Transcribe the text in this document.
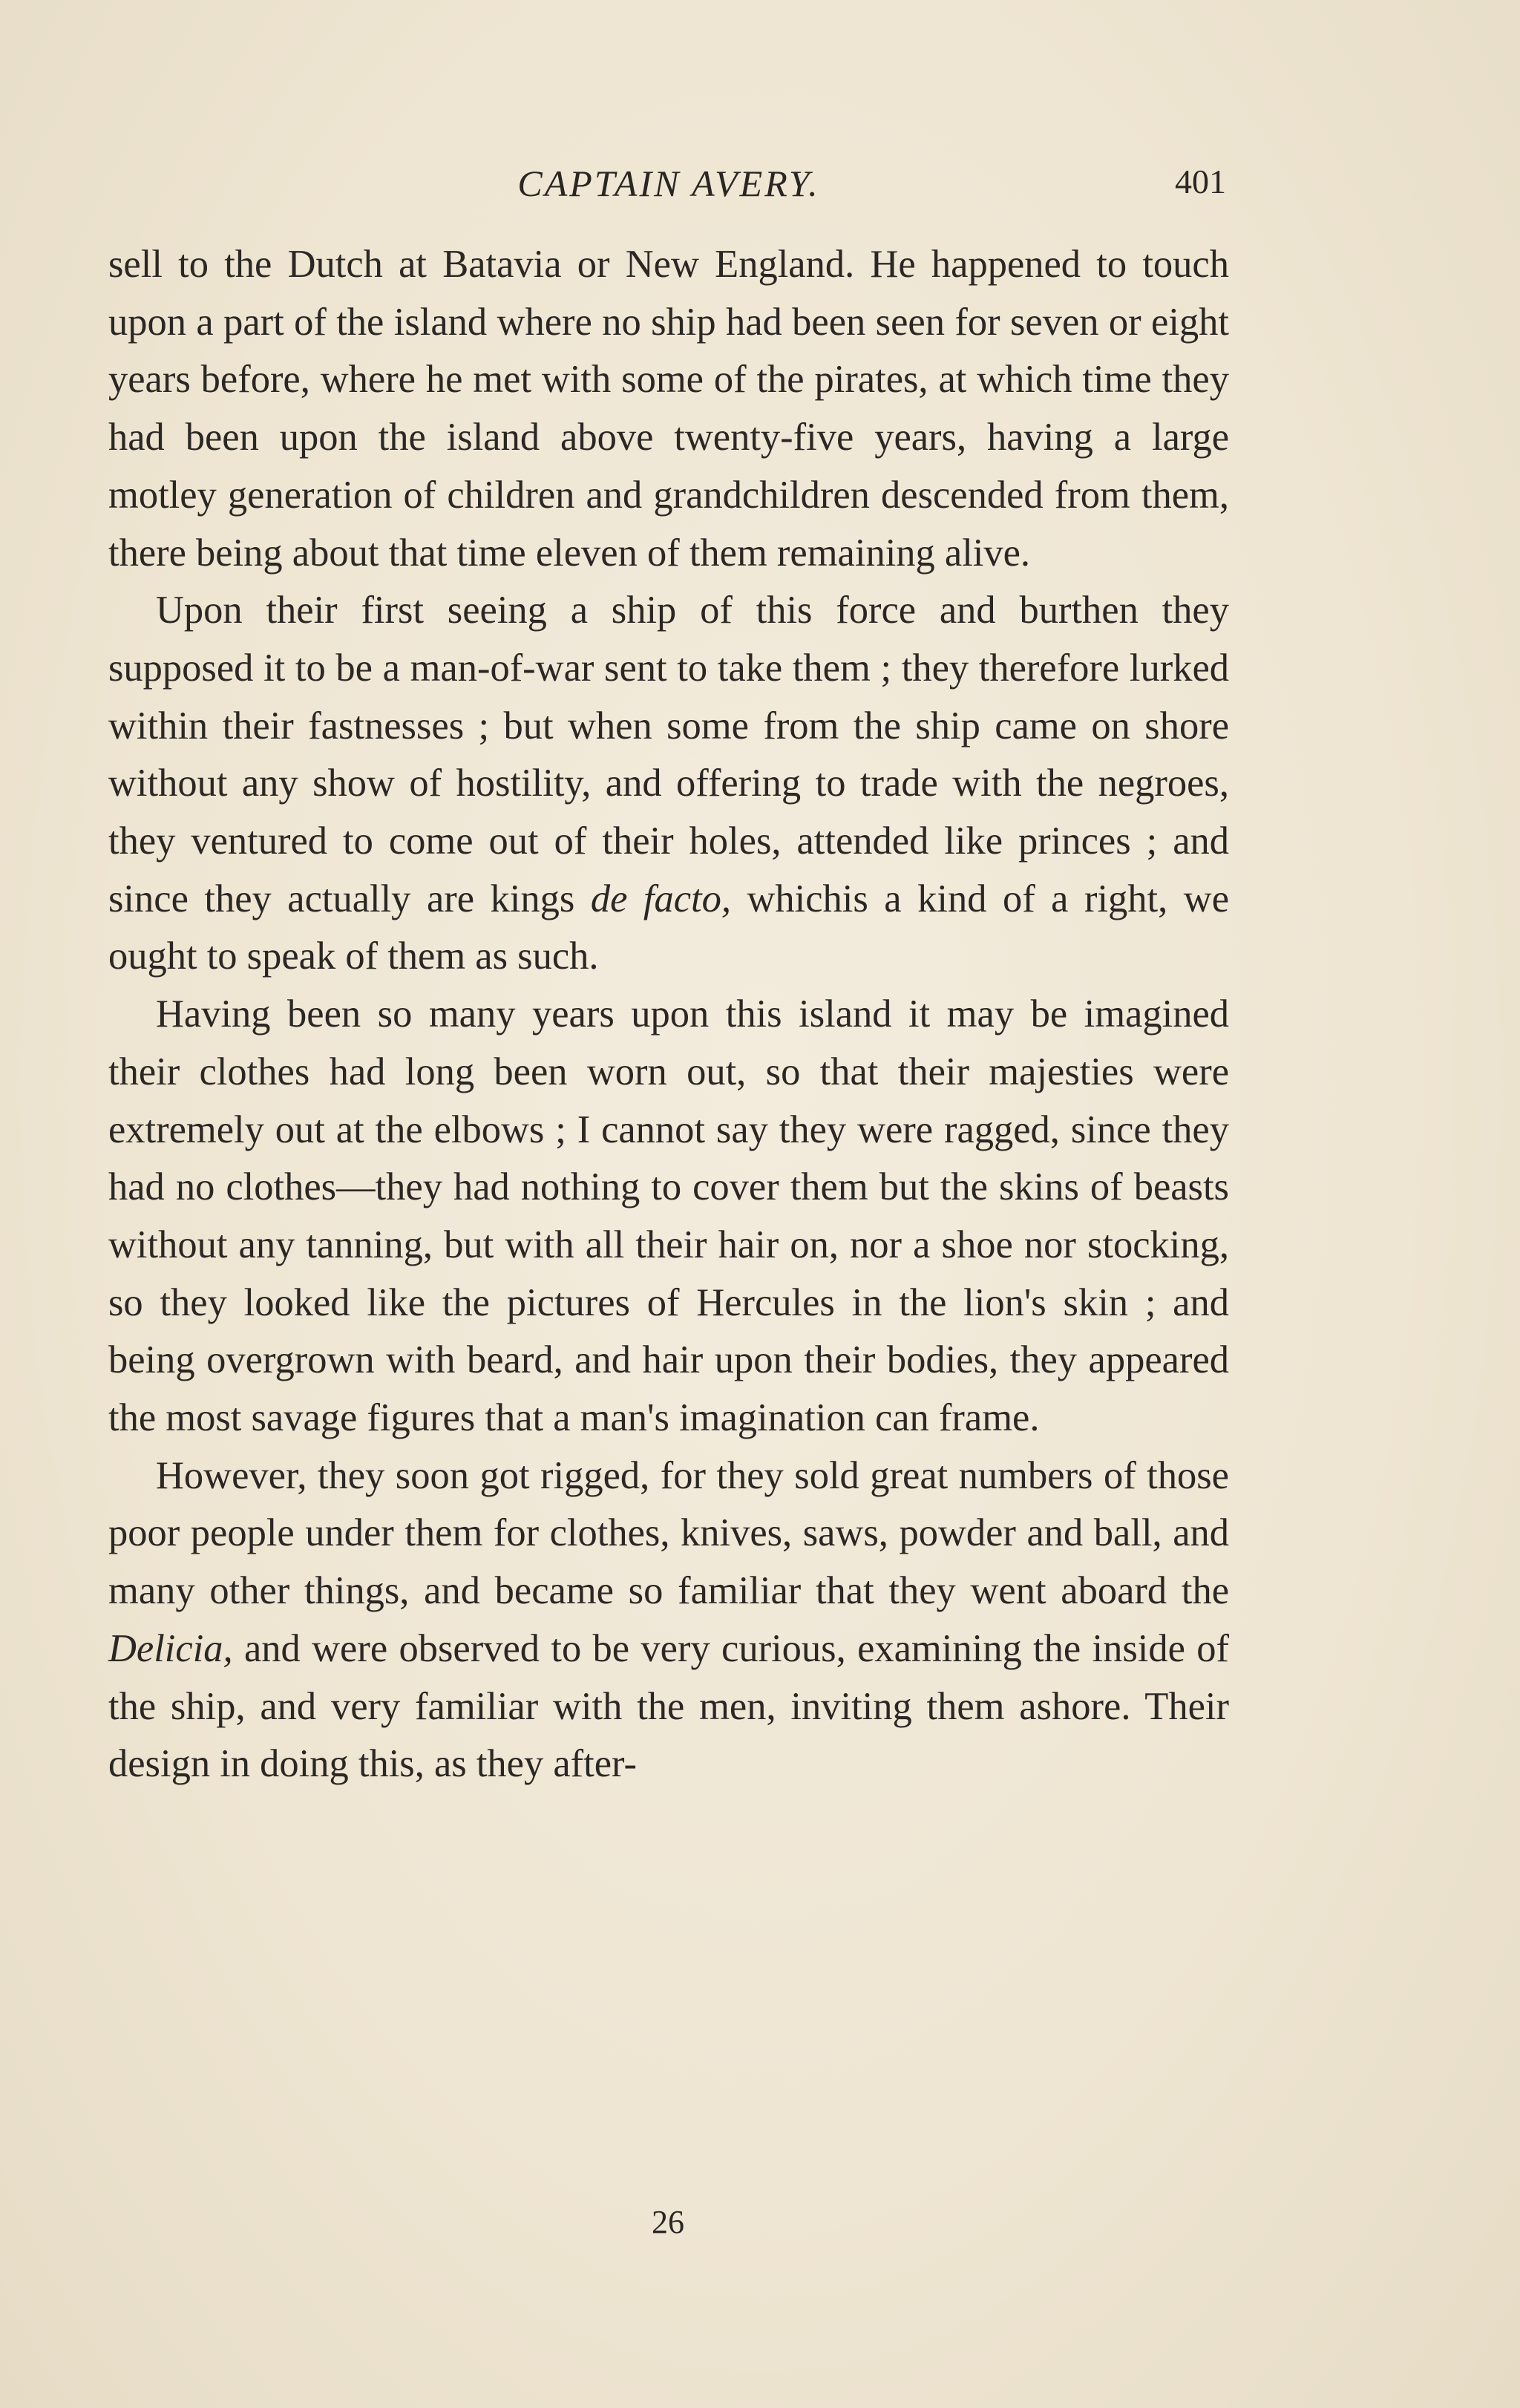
CAPTAIN AVERY.	401

sell to the Dutch at Batavia or New England. He happened to touch upon a part of the island where no ship had been seen for seven or eight years before, where he met with some of the pirates, at which time they had been upon the island above twenty-five years, having a large motley generation of children and grandchildren descended from them, there being about that time eleven of them remaining alive.

Upon their first seeing a ship of this force and burthen they supposed it to be a man-of-war sent to take them ; they therefore lurked within their fastnesses ; but when some from the ship came on shore without any show of hostility, and offering to trade with the negroes, they ventured to come out of their holes, attended like princes ; and since they actually are kings de facto, whichis a kind of a right, we ought to speak of them as such.

Having been so many years upon this island it may be imagined their clothes had long been worn out, so that their majesties were extremely out at the elbows ; I cannot say they were ragged, since they had no clothes—they had nothing to cover them but the skins of beasts without any tanning, but with all their hair on, nor a shoe nor stocking, so they looked like the pictures of Hercules in the lion's skin ; and being overgrown with beard, and hair upon their bodies, they appeared the most savage figures that a man's imagination can frame.

However, they soon got rigged, for they sold great numbers of those poor people under them for clothes, knives, saws, powder and ball, and many other things, and became so familiar that they went aboard the Delicia, and were observed to be very curious, examining the inside of the ship, and very familiar with the men, inviting them ashore. Their design in doing this, as they after-

26
